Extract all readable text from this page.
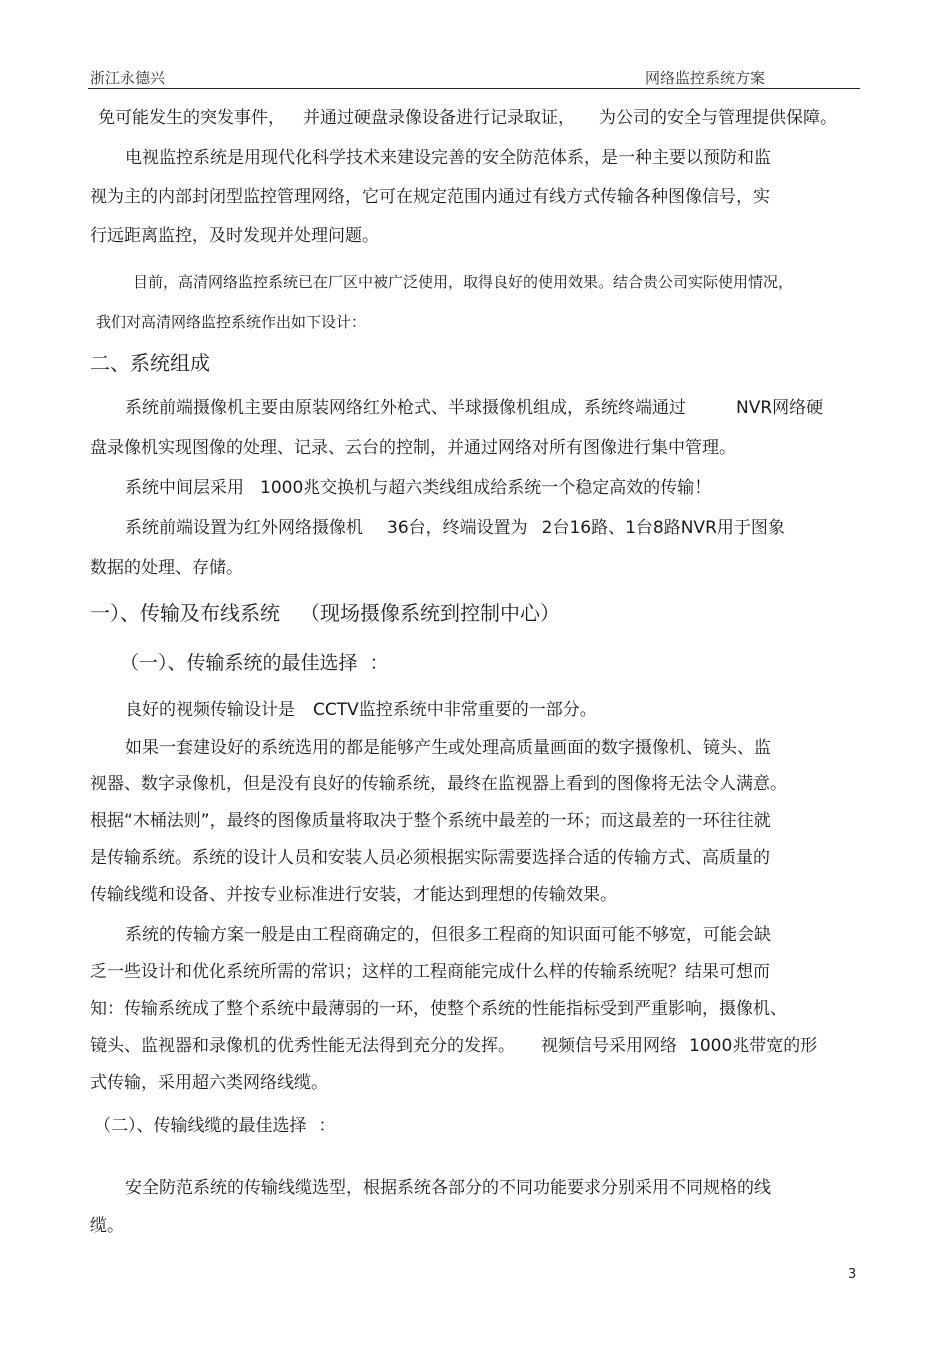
浙江永德兴	网络监控系统方案
免可能发生的突发事件， 并通过硬盘录像设备进行记录取证， 为公司的安全与管理提供保障。
电视监控系统是用现代化科学技术来建设完善的安全防范体系，是一种主要以预防和监
视为主的内部封闭型监控管理网络，它可在规定范围内通过有线方式传输各种图像信号，实
行远距离监控，及时发现并处理问题。
目前，高清网络监控系统已在厂区中被广泛使用，取得良好的使用效果。结合贵公司实际使用情况，
我们对高清网络监控系统作出如下设计：
二、系统组成
系统前端摄像机主要由原装网络红外枪式、半球摄像机组成，系统终端通过	NVR网络硬
盘录像机实现图像的处理、记录、云台的控制，并通过网络对所有图像进行集中管理。
系统中间层采用 1000兆交换机与超六类线组成给系统一个稳定高效的传输！
系统前端设置为红外网络摄像机 36台，终端设置为 2台16路、1台8路NVR用于图象
数据的处理、存储。
一）、传输及布线系统 （现场摄像系统到控制中心）
（一）、传输系统的最佳选择 ：
良好的视频传输设计是 CCTV监控系统中非常重要的一部分。
如果一套建设好的系统选用的都是能够产生或处理高质量画面的数字摄像机、镜头、监
视器、数字录像机，但是没有良好的传输系统，最终在监视器上看到的图像将无法令人满意。
根据“木桶法则”，最终的图像质量将取决于整个系统中最差的一环；而这最差的一环往往就
是传输系统。系统的设计人员和安装人员必须根据实际需要选择合适的传输方式、高质量的
传输线缆和设备、并按专业标准进行安装，才能达到理想的传输效果。
系统的传输方案一般是由工程商确定的，但很多工程商的知识面可能不够宽，可能会缺
乏一些设计和优化系统所需的常识；这样的工程商能完成什么样的传输系统呢？结果可想而
知：传输系统成了整个系统中最薄弱的一环，使整个系统的性能指标受到严重影响，摄像机、
镜头、监视器和录像机的优秀性能无法得到充分的发挥。 视频信号采用网络 1000兆带宽的形
式传输，采用超六类网络线缆。
（二）、传输线缆的最佳选择 ：
安全防范系统的传输线缆选型，根据系统各部分的不同功能要求分别采用不同规格的线
缆。
3
